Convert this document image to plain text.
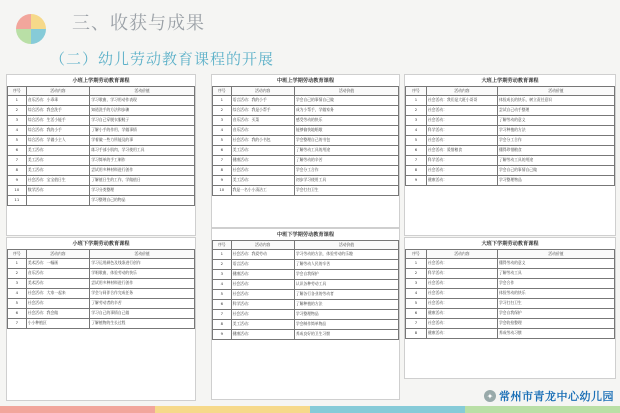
三、收获与成果
（二）幼儿劳动教育课程的开展
小班上学期劳动教育课程
序号	活动内容	活动价值
1	音乐活动：小乖乖	学习歌曲，学习用动作表现
2	综合活动：我会洗手	知道洗手的方法和步骤
3	综合活动：生活小能手	学习自己穿脱衣服鞋子
4	综合活动：我的小手	了解小手的作用，学做事情
5	综合活动：学做小主人	学着做一些力所能及的事
6	美工活动：	练习手部小肌肉，学习使用工具
7	美工活动：	学习简单的手工制作
8	美工活动：	尝试用多种材料进行创作
9	社会活动：宝宝值日生	了解值日生的工作，学做值日
10	数学活动：	学习分类整理
11		学习整理自己的物品
小班下学期劳动教育课程
序号	活动内容	活动价值
1	美术活动：一幅画	学习运用颜色及线条进行创作
2	音乐活动：	学唱歌曲，体验劳动的快乐
3	美术活动：	尝试用多种材料进行创作
4	社会活动：大家一起来	学会与同伴合作完成任务
5	社会活动：	了解劳动者的辛苦
6	社会活动：我会做	学习自己的事情自己做
7	小小种植区	了解植物的生长过程
中班上学期劳动教育课程
序号	活动内容	活动价值
1	语言活动：我的小手	学会自己的事情自己做
2	综合活动：我是小帮手	成为小帮手，学做家务
3	音乐活动：买菜	感受劳动的快乐
4	音乐活动：	能够愉快地唱歌
5	社会活动：我的小书包	学会整理自己的书包
6	美工活动：	了解劳动工具的用途
7	健康活动：	了解劳动的辛苦
8	社会活动：	学会分工合作
9	美工活动：	初步学习使用工具
10	我是一名小小清洁工	学会打扫卫生
中班下学期劳动教育课程
序号	活动内容	活动价值
1	社会活动：我爱劳动	学习劳动的方法，体验劳动的乐趣
2	语言活动：	了解劳动人民的辛苦
3	健康活动：	学会自我保护
4	社会活动：	认识各种劳动工具
5	社会活动：	了解各行各业的劳动者
6	科学活动：	了解种植的方法
7	社会活动：	学习整理物品
8	美工活动：	学会制作简单物品
9	健康活动：	养成良好的卫生习惯
大班上学期劳动教育课程
序号	活动内容	活动价值
1	社会活动：我们是大班小哥哥	体验成长的快乐，树立责任意识
2	社会活动：	尝试自己动手整理
3	社会活动：	了解劳动的意义
4	科学活动：	学习种植的方法
5	社会活动：	学会分工合作
6	社会活动：爱惜粮食	懂得珍惜粮食
7	科学活动：	了解劳动工具的用途
8	社会活动：	学会自己的事情自己做
9	健康活动：	学习整理物品
大班下学期劳动教育课程
序号	活动内容	活动价值
1	社会活动：	懂得劳动的意义
2	科学活动：	了解劳动工具
3	社会活动：	学会合作
4	社会活动：	体验劳动的快乐
5	社会活动：	学习打扫卫生
6	健康活动：	学会自我保护
7	社会活动：	学会收拾整理
8	健康活动：	养成劳动习惯
✦ 常州市青龙中心幼儿园
